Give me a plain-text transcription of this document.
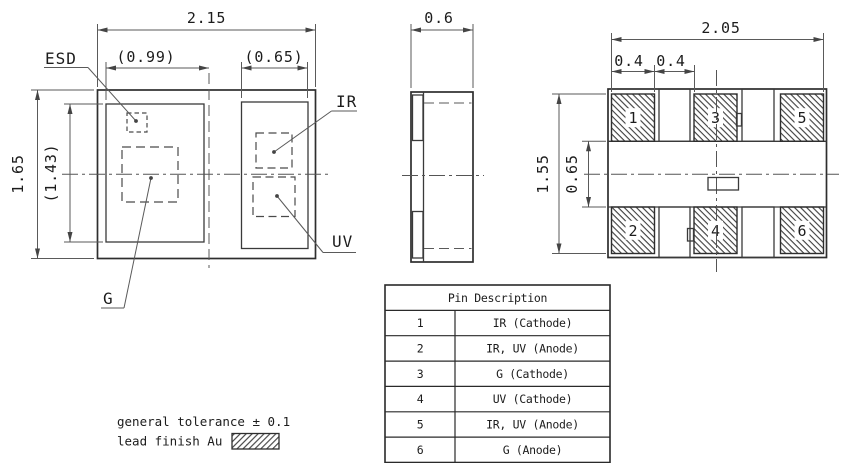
2.15
(0.99)	(0.65)
1.65 (1.43)
ESD
IR
UV
G
0.6
1	3	5
2	4	6
2.05
0.4 0.4
1.55 0.65
Pin Description
1	IR (Cathode)
2	IR, UV (Anode)
3	G (Cathode)
4	UV (Cathode)
5	IR, UV (Anode)
6	G (Anode)
general tolerance ± 0.1
lead finish Au
